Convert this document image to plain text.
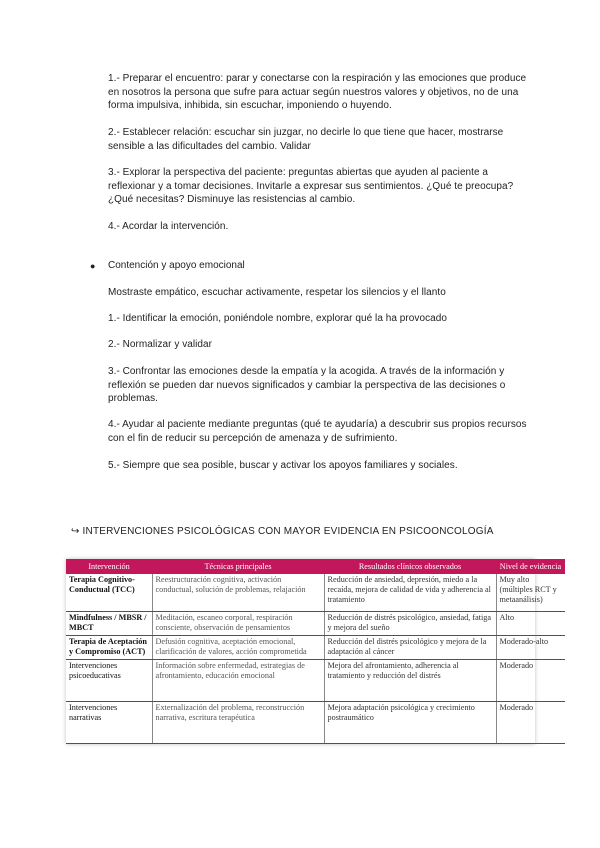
1.- Preparar el encuentro: parar y conectarse con la respiración y las emociones que produce en nosotros la persona que sufre para actuar según nuestros valores y objetivos, no de una forma impulsiva, inhibida, sin escuchar, imponiendo o huyendo.
2.- Establecer relación: escuchar sin juzgar, no decirle lo que tiene que hacer, mostrarse sensible a las dificultades del cambio. Validar
3.- Explorar la perspectiva del paciente: preguntas abiertas que ayuden al paciente a reflexionar y a tomar decisiones. Invitarle a expresar sus sentimientos. ¿Qué te preocupa? ¿Qué necesitas? Disminuye las resistencias al cambio.
4.- Acordar la intervención.
●	Contención y apoyo emocional
Mostraste empático, escuchar activamente, respetar los silencios y el llanto
1.- Identificar la emoción, poniéndole nombre, explorar qué la ha provocado
2.- Normalizar y validar
3.- Confrontar las emociones desde la empatía y la acogida. A través de la información y reflexión se pueden dar nuevos significados y cambiar la perspectiva de las decisiones o problemas.
4.- Ayudar al paciente mediante preguntas (qué te ayudaría) a descubrir sus propios recursos con el fin de reducir su percepción de amenaza y de sufrimiento.
5.- Siempre que sea posible, buscar y activar los apoyos familiares y sociales.
↪ INTERVENCIONES PSICOLÓGICAS CON MAYOR EVIDENCIA EN PSICOONCOLOGÍA
Intervención	Técnicas principales	Resultados clínicos observados	Nivel de evidencia
Terapia Cognitivo-Conductual (TCC)	Reestructuración cognitiva, activación conductual, solución de problemas, relajación	Reducción de ansiedad, depresión, miedo a la recaída, mejora de calidad de vida y adherencia al tratamiento	Muy alto (múltiples RCT y metaanálisis)
Mindfulness / MBSR / MBCT	Meditación, escaneo corporal, respiración consciente, observación de pensamientos	Reducción de distrés psicológico, ansiedad, fatiga y mejora del sueño	Alto
Terapia de Aceptación y Compromiso (ACT)	Defusión cognitiva, aceptación emocional, clarificación de valores, acción comprometida	Reducción del distrés psicológico y mejora de la adaptación al cáncer	Moderado-alto
Intervenciones psicoeducativas	Información sobre enfermedad, estrategias de afrontamiento, educación emocional	Mejora del afrontamiento, adherencia al tratamiento y reducción del distrés	Moderado
Intervenciones narrativas	Externalización del problema, reconstrucción narrativa, escritura terapéutica	Mejora adaptación psicológica y crecimiento postraumático	Moderado
